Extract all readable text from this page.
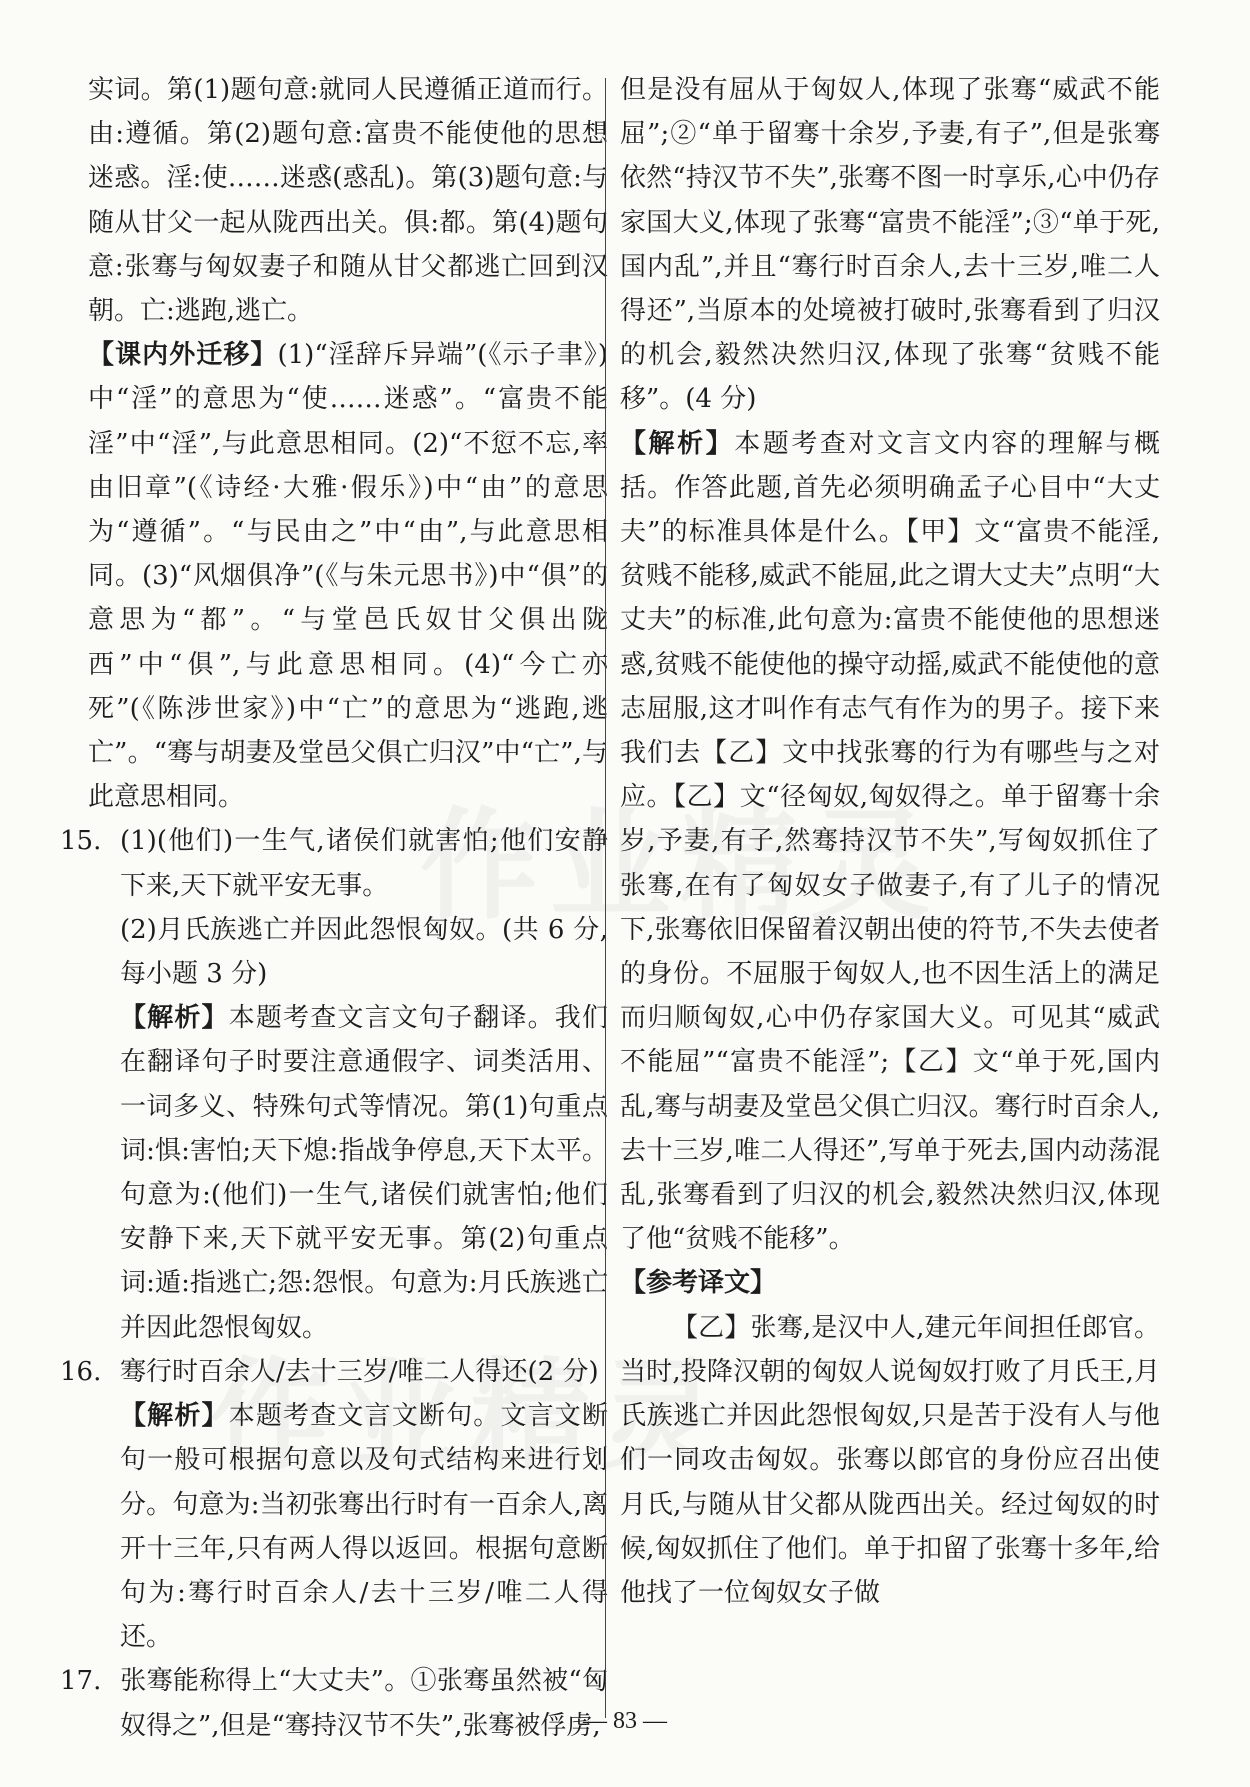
实词。第(1)题句意:就同人民遵循正道而行。由:遵循。第(2)题句意:富贵不能使他的思想迷惑。淫:使……迷惑(惑乱)。第(3)题句意:与随从甘父一起从陇西出关。俱:都。第(4)题句意:张骞与匈奴妻子和随从甘父都逃亡回到汉朝。亡:逃跑,逃亡。

【课内外迁移】(1)“淫辞斥异端”(《示子聿》)中“淫”的意思为“使……迷惑”。“富贵不能淫”中“淫”,与此意思相同。(2)“不愆不忘,率由旧章”(《诗经·大雅·假乐》)中“由”的意思为“遵循”。“与民由之”中“由”,与此意思相同。(3)“风烟俱净”(《与朱元思书》)中“俱”的意思为“都”。“与堂邑氏奴甘父俱出陇西”中“俱”,与此意思相同。(4)“今亡亦死”(《陈涉世家》)中“亡”的意思为“逃跑,逃亡”。“骞与胡妻及堂邑父俱亡归汉”中“亡”,与此意思相同。

15. (1)(他们)一生气,诸侯们就害怕;他们安静下来,天下就平安无事。

(2)月氏族逃亡并因此怨恨匈奴。(共 6 分,每小题 3 分)

【解析】本题考查文言文句子翻译。我们在翻译句子时要注意通假字、词类活用、一词多义、特殊句式等情况。第(1)句重点词:惧:害怕;天下熄:指战争停息,天下太平。句意为:(他们)一生气,诸侯们就害怕;他们安静下来,天下就平安无事。第(2)句重点词:遁:指逃亡;怨:怨恨。句意为:月氏族逃亡并因此怨恨匈奴。

16. 骞行时百余人/去十三岁/唯二人得还(2 分)

【解析】本题考查文言文断句。文言文断句一般可根据句意以及句式结构来进行划分。句意为:当初张骞出行时有一百余人,离开十三年,只有两人得以返回。根据句意断句为:骞行时百余人/去十三岁/唯二人得还。

17. 张骞能称得上“大丈夫”。①张骞虽然被“匈奴得之”,但是“骞持汉节不失”,张骞被俘虏,

但是没有屈从于匈奴人,体现了张骞“威武不能屈”;②“单于留骞十余岁,予妻,有子”,但是张骞依然“持汉节不失”,张骞不图一时享乐,心中仍存家国大义,体现了张骞“富贵不能淫”;③“单于死,国内乱”,并且“骞行时百余人,去十三岁,唯二人得还”,当原本的处境被打破时,张骞看到了归汉的机会,毅然决然归汉,体现了张骞“贫贱不能移”。(4 分)

【解析】本题考查对文言文内容的理解与概括。作答此题,首先必须明确孟子心目中“大丈夫”的标准具体是什么。【甲】文“富贵不能淫,贫贱不能移,威武不能屈,此之谓大丈夫”点明“大丈夫”的标准,此句意为:富贵不能使他的思想迷惑,贫贱不能使他的操守动摇,威武不能使他的意志屈服,这才叫作有志气有作为的男子。接下来我们去【乙】文中找张骞的行为有哪些与之对应。【乙】文“径匈奴,匈奴得之。单于留骞十余岁,予妻,有子,然骞持汉节不失”,写匈奴抓住了张骞,在有了匈奴女子做妻子,有了儿子的情况下,张骞依旧保留着汉朝出使的符节,不失去使者的身份。不屈服于匈奴人,也不因生活上的满足而归顺匈奴,心中仍存家国大义。可见其“威武不能屈”“富贵不能淫”;【乙】文“单于死,国内乱,骞与胡妻及堂邑父俱亡归汉。骞行时百余人,去十三岁,唯二人得还”,写单于死去,国内动荡混乱,张骞看到了归汉的机会,毅然决然归汉,体现了他“贫贱不能移”。

【参考译文】

【乙】张骞,是汉中人,建元年间担任郎官。当时,投降汉朝的匈奴人说匈奴打败了月氏王,月氏族逃亡并因此怨恨匈奴,只是苦于没有人与他们一同攻击匈奴。张骞以郎官的身份应召出使月氏,与随从甘父都从陇西出关。经过匈奴的时候,匈奴抓住了他们。单于扣留了张骞十多年,给他找了一位匈奴女子做

— 83 —
